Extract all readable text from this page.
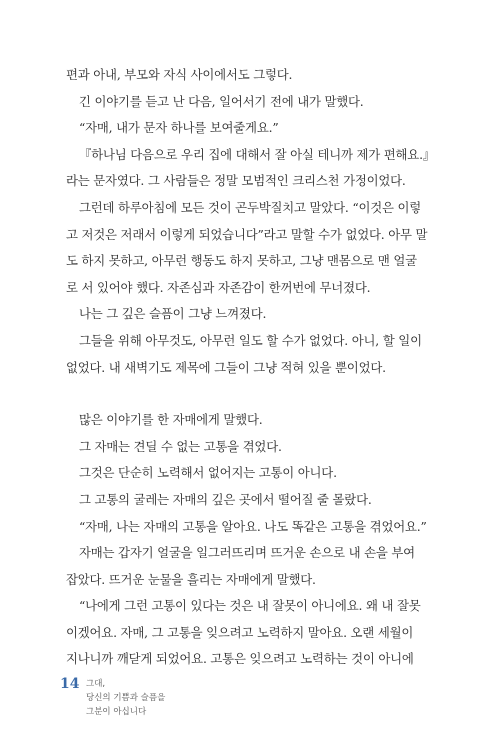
편과 아내, 부모와 자식 사이에서도 그렇다.

긴 이야기를 듣고 난 다음, 일어서기 전에 내가 말했다.

“자매, 내가 문자 하나를 보여줄게요.”

『하나님 다음으로 우리 집에 대해서 잘 아실 테니까 제가 편해요.』

라는 문자였다. 그 사람들은 정말 모범적인 크리스천 가정이었다.

그런데 하루아침에 모든 것이 곤두박질치고 말았다. “이것은 이렇

고 저것은 저래서 이렇게 되었습니다”라고 말할 수가 없었다. 아무 말

도 하지 못하고, 아무런 행동도 하지 못하고, 그냥 맨몸으로 맨 얼굴

로 서 있어야 했다. 자존심과 자존감이 한꺼번에 무너졌다.

나는 그 깊은 슬픔이 그냥 느껴졌다.

그들을 위해 아무것도, 아무런 일도 할 수가 없었다. 아니, 할 일이

없었다. 내 새벽기도 제목에 그들이 그냥 적혀 있을 뿐이었다.

많은 이야기를 한 자매에게 말했다.

그 자매는 견딜 수 없는 고통을 겪었다.

그것은 단순히 노력해서 없어지는 고통이 아니다.

그 고통의 굴레는 자매의 깊은 곳에서 떨어질 줄 몰랐다.

“자매, 나는 자매의 고통을 알아요. 나도 똑같은 고통을 겪었어요.”

자매는 갑자기 얼굴을 일그러뜨리며 뜨거운 손으로 내 손을 부여

잡았다. 뜨거운 눈물을 흘리는 자매에게 말했다.

“나에게 그런 고통이 있다는 것은 내 잘못이 아니에요. 왜 내 잘못

이겠어요. 자매, 그 고통을 잊으려고 노력하지 말아요. 오랜 세월이

지나니까 깨닫게 되었어요. 고통은 잊으려고 노력하는 것이 아니에

14 그대,
당신의 기쁨과 슬픔을
그분이 아십니다
